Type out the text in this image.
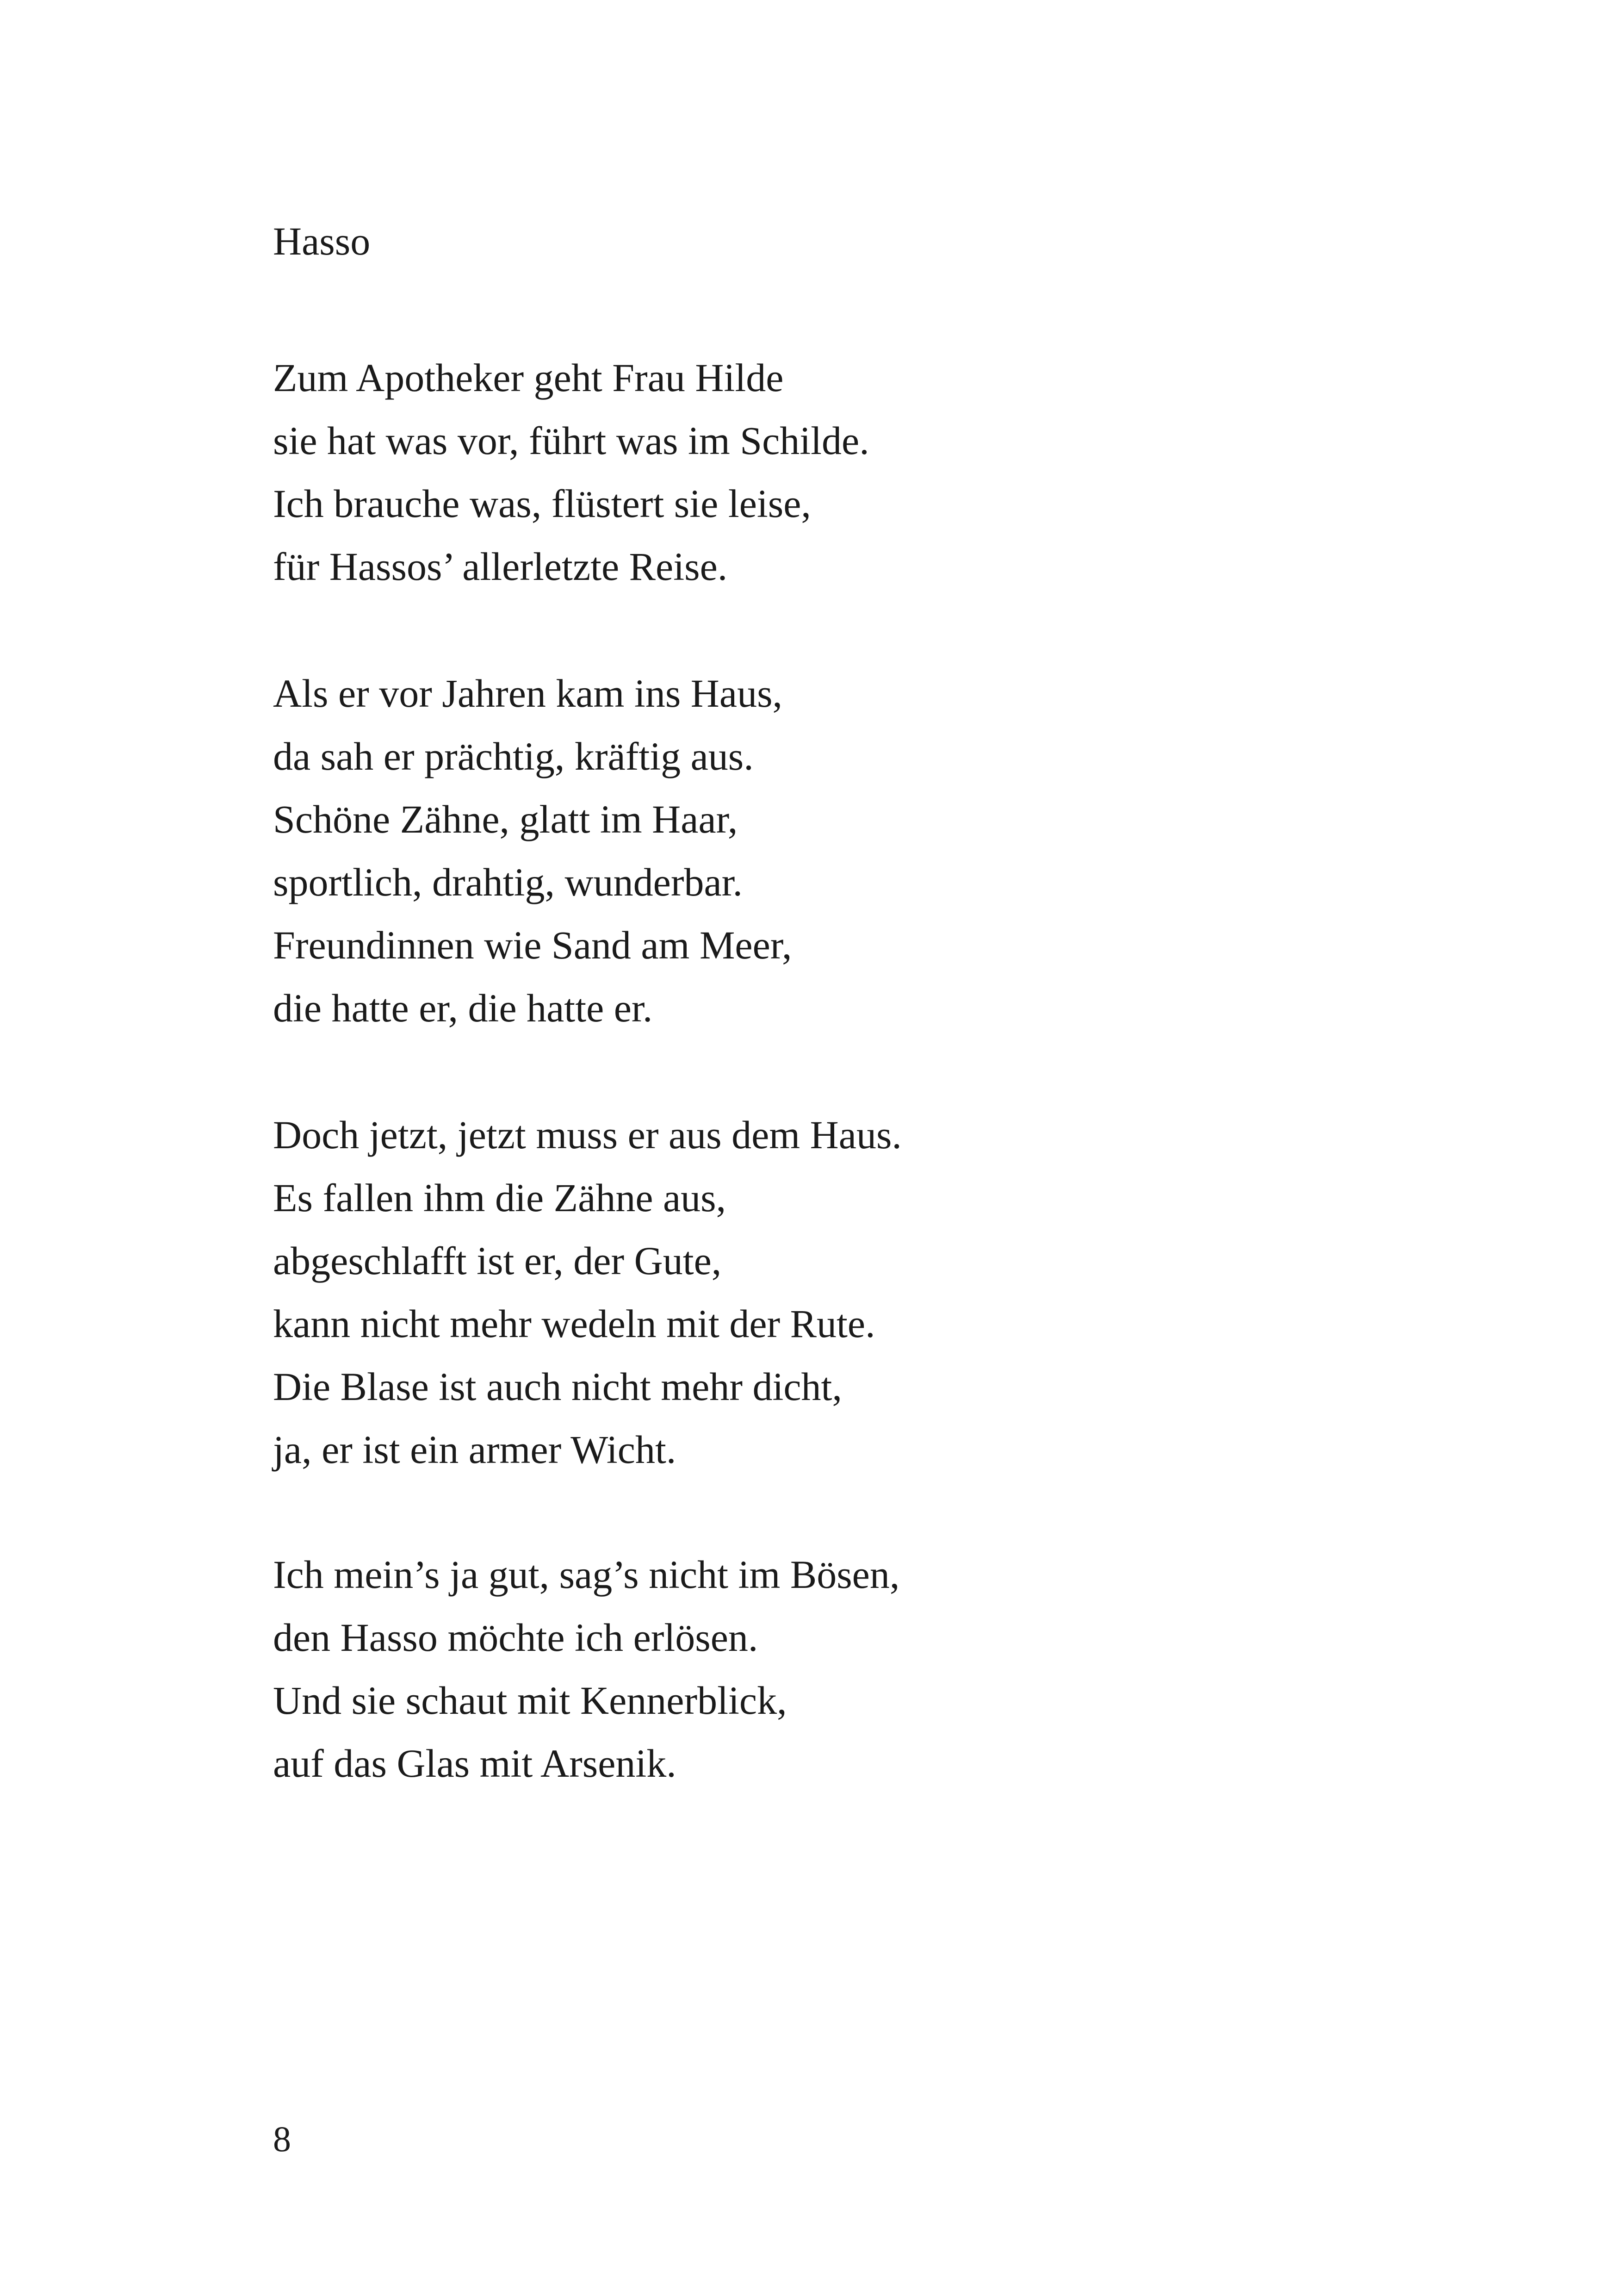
Hasso
Zum Apotheker geht Frau Hilde
sie hat was vor, führt was im Schilde.
Ich brauche was, flüstert sie leise,
für Hassos’ allerletzte Reise.
Als er vor Jahren kam ins Haus,
da sah er prächtig, kräftig aus.
Schöne Zähne, glatt im Haar,
sportlich, drahtig, wunderbar.
Freundinnen wie Sand am Meer,
die hatte er, die hatte er.
Doch jetzt, jetzt muss er aus dem Haus.
Es fallen ihm die Zähne aus,
abgeschlafft ist er, der Gute,
kann nicht mehr wedeln mit der Rute.
Die Blase ist auch nicht mehr dicht,
ja, er ist ein armer Wicht.
Ich mein’s ja gut, sag’s nicht im Bösen,
den Hasso möchte ich erlösen.
Und sie schaut mit Kennerblick,
auf das Glas mit Arsenik.
8
